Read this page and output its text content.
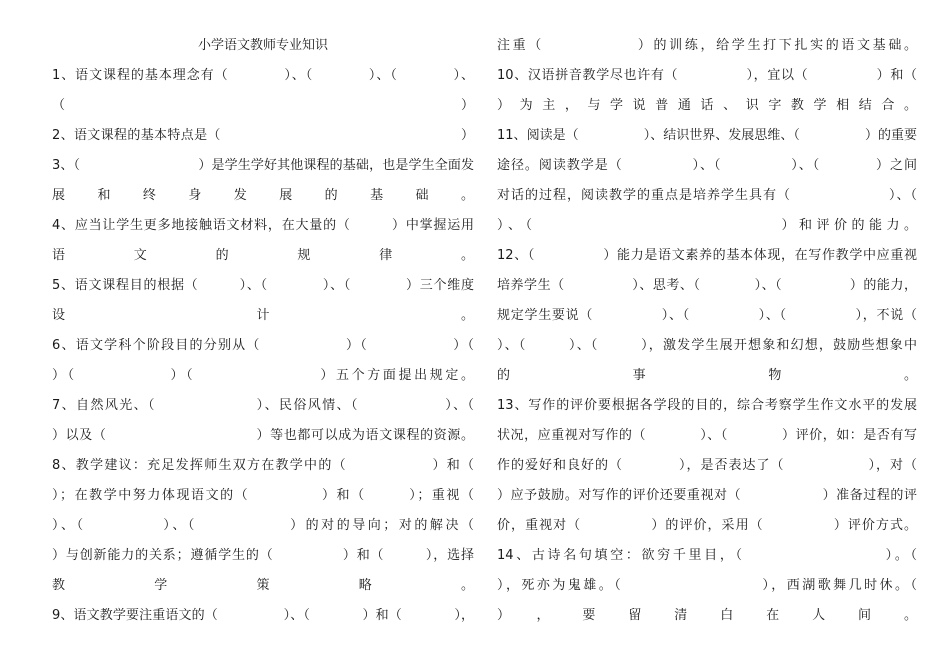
小学语文教师专业知识
1、语文课程的基本理念有（　　　　）、（　　　　）、（　　　　）、
（　　　　　　　　　　　　　　　　　　　　　　　　　　　　）
2、语文课程的基本特点是（　　　　　　　　　　　　　　　　　　）
3、（　　　　　　　　　）是学生学好其他课程的基础，也是学生全面发
展 和 终 身 发 展 的 基 础 。
4、应当让学生更多地接触语文材料，在大量的（　　　）中掌握运用
语 文 的 规 律 。
5、语文课程目的根据（　　　）、（　　　　）、（　　　　）三个维度
设 计 。
6、语文学科个阶段目的分别从（　　　　　　）（　　　　　　）（
）（　　　　　　）（　　　　　　　　）五个方面提出规定。
7、自然风光、（　　　　　　　）、民俗风情、（　　　　　　）、（
）以及（　　　　　　　　　　　）等也都可以成为语文课程的资源。
8、教学建议：充足发挥师生双方在教学中的（　　　　　　）和（
）；在教学中努力体现语文的（　　　　　）和（　　　）；重视（
）、（　　　　　）、（　　　　　　）的对的导向；对的解决（
）与创新能力的关系；遵循学生的（　　　　　）和（　　　），选择
教 学 策 略 。
9、语文教学要注重语文的（　　　　　）、（　　　　）和（　　　　），
注重（　　　　　　）的训练，给学生打下扎实的语文基础。
10、汉语拼音教学尽也许有（　　　　　），宜以（　　　　　）和（
）为主，与学说普通话、识字教学相结合。
11、阅读是（　　　　　）、结识世界、发展思维、（　　　　　）的重要
途径。阅读教学是（　　　　　）、（　　　　　）、（　　　　）之间
对话的过程，阅读教学的重点是培养学生具有（　　　　　　　）、（
）、（　　　　　　　　　　　　　　）和评价的能力。
12、（　　　　　）能力是语文素养的基本体现，在写作教学中应重视
培养学生（　　　　　）、思考、（　　　　）、（　　　　　）的能力，
规定学生要说（　　　　　）、（　　　　　）、（　　　　　），不说（
）、（　　　）、（　　　），激发学生展开想象和幻想，鼓励些想象中
的 事 物 。
13、写作的评价要根据各学段的目的，综合考察学生作文水平的发展
状况，应重视对写作的（　　　　）、（　　　　）评价，如：是否有写
作的爱好和良好的（　　　　），是否表达了（　　　　　　），对（
）应予鼓励。对写作的评价还要重视对（　　　　　　）准备过程的评
价，重视对（　　　　　）的评价，采用（　　　　　）评价方式。
14、古诗名句填空：欲穷千里目，（　　　　　　　　　）。（
），死亦为鬼雄。（　　　　　　　　　），西湖歌舞几时休。（
），要留清白在人间。
